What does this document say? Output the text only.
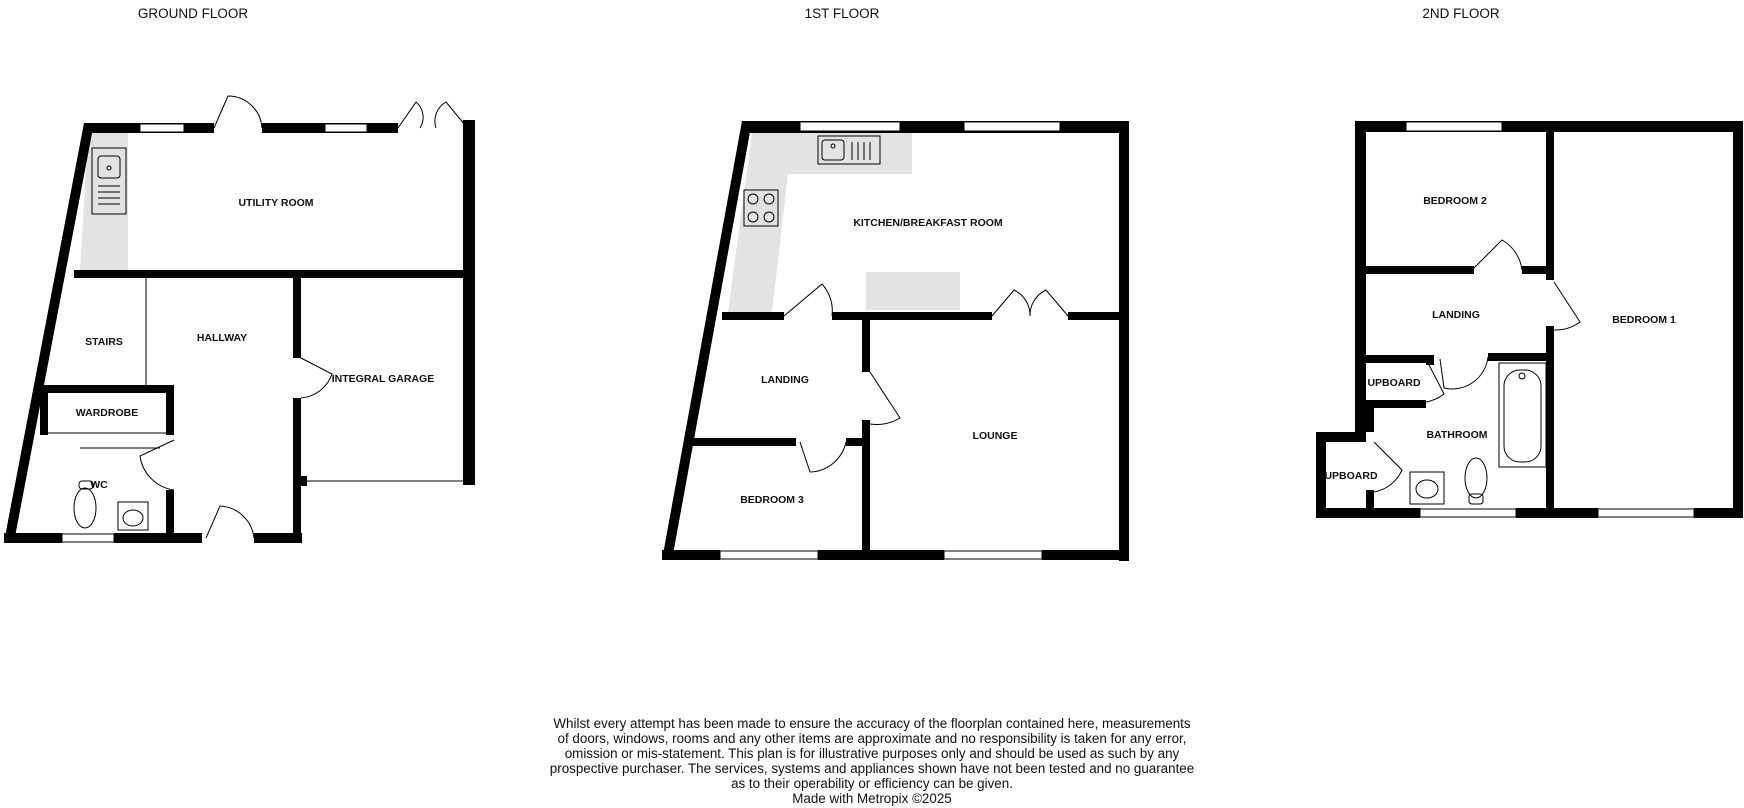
GROUND FLOOR	1ST FLOOR	2ND FLOOR
UTILITY ROOM
STAIRS	HALLWAY
INTEGRAL GARAGE
WARDROBE
WC
KITCHEN/BREAKFAST ROOM
LANDING
LOUNGE
BEDROOM 3
BEDROOM 2
LANDING	BEDROOM 1
UPBOARD
BATHROOM
UPBOARD
Whilst every attempt has been made to ensure the accuracy of the floorplan contained here, measurements
of doors, windows, rooms and any other items are approximate and no responsibility is taken for any error,
omission or mis-statement. This plan is for illustrative purposes only and should be used as such by any
prospective purchaser. The services, systems and appliances shown have not been tested and no guarantee
as to their operability or efficiency can be given.
Made with Metropix ©2025
